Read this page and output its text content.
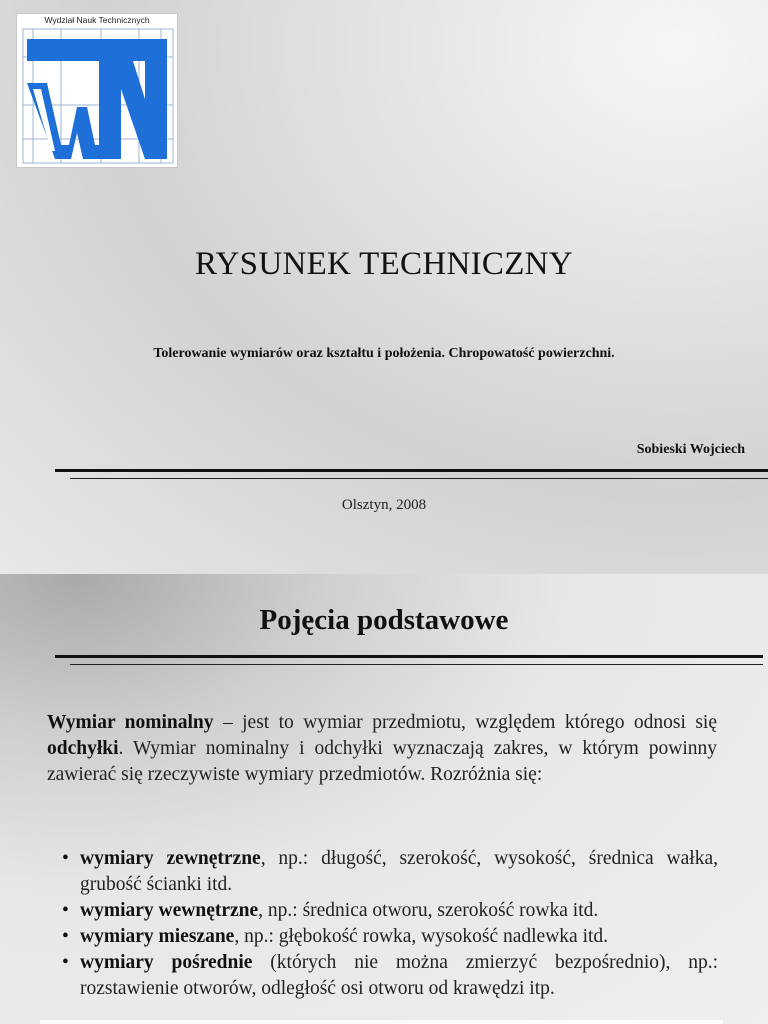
Wydział Nauk Technicznych
RYSUNEK TECHNICZNY
Tolerowanie wymiarów oraz kształtu i położenia. Chropowatość powierzchni.
Sobieski Wojciech
Olsztyn, 2008
Pojęcia podstawowe
Wymiar nominalny – jest to wymiar przedmiotu, względem którego odnosi się odchyłki. Wymiar nominalny i odchyłki wyznaczają zakres, w którym powinny zawierać się rzeczywiste wymiary przedmiotów. Rozróżnia się:
• wymiary zewnętrzne, np.: długość, szerokość, wysokość, średnica wałka, grubość ścianki itd.
• wymiary wewnętrzne, np.: średnica otworu, szerokość rowka itd.
• wymiary mieszane, np.: głębokość rowka, wysokość nadlewka itd.
• wymiary pośrednie (których nie można zmierzyć bezpośrednio), np.: rozstawienie otworów, odległość osi otworu od krawędzi itp.
